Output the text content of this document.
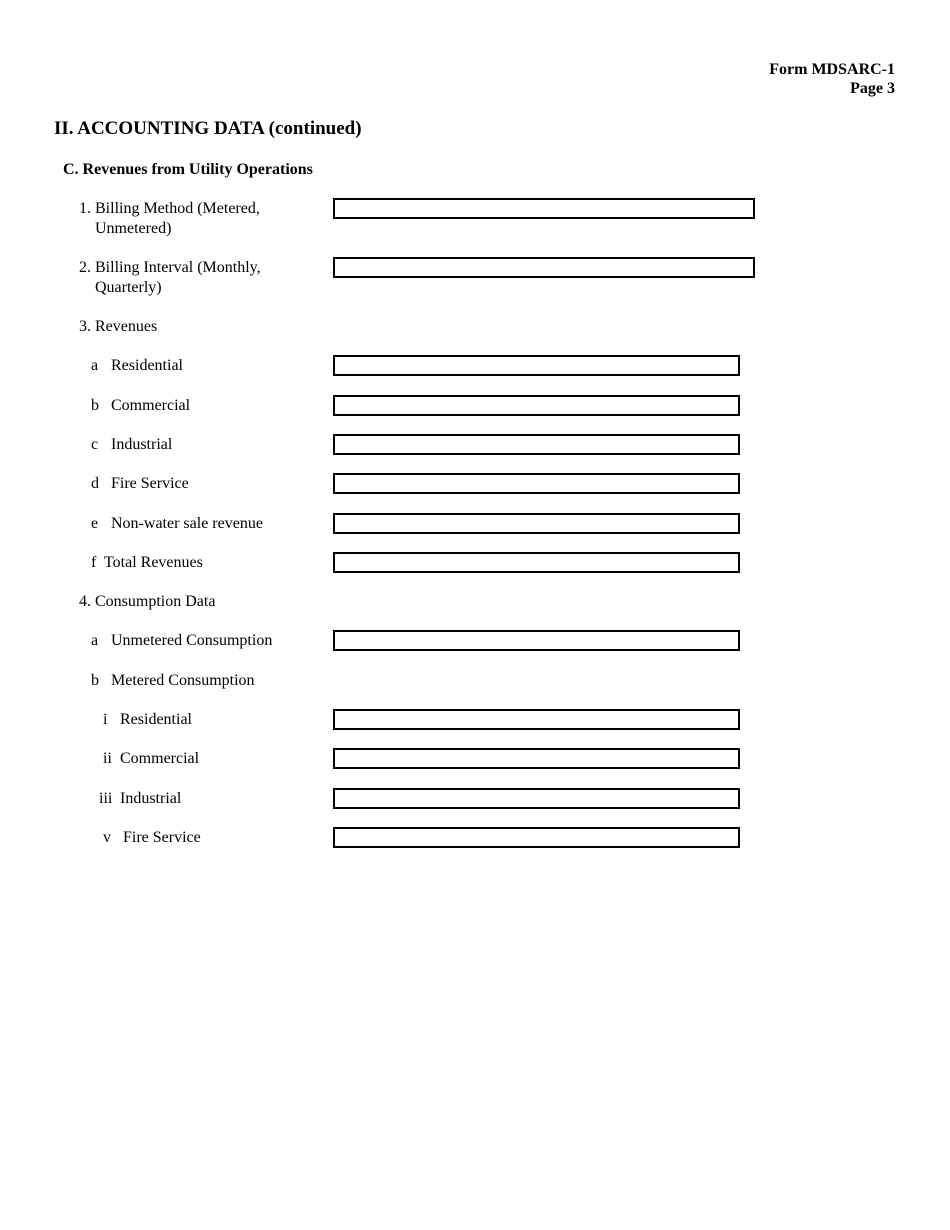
Form MDSARC-1
Page 3
II. ACCOUNTING DATA (continued)
C. Revenues from Utility Operations
1. Billing Method (Metered,
Unmetered)
2. Billing Interval (Monthly,
Quarterly)
3. Revenues
a Residential
b Commercial
c Industrial
d Fire Service
e Non-water sale revenue
f Total Revenues
4. Consumption Data
a Unmetered Consumption
b Metered Consumption
i Residential
ii Commercial
iii Industrial
v Fire Service
